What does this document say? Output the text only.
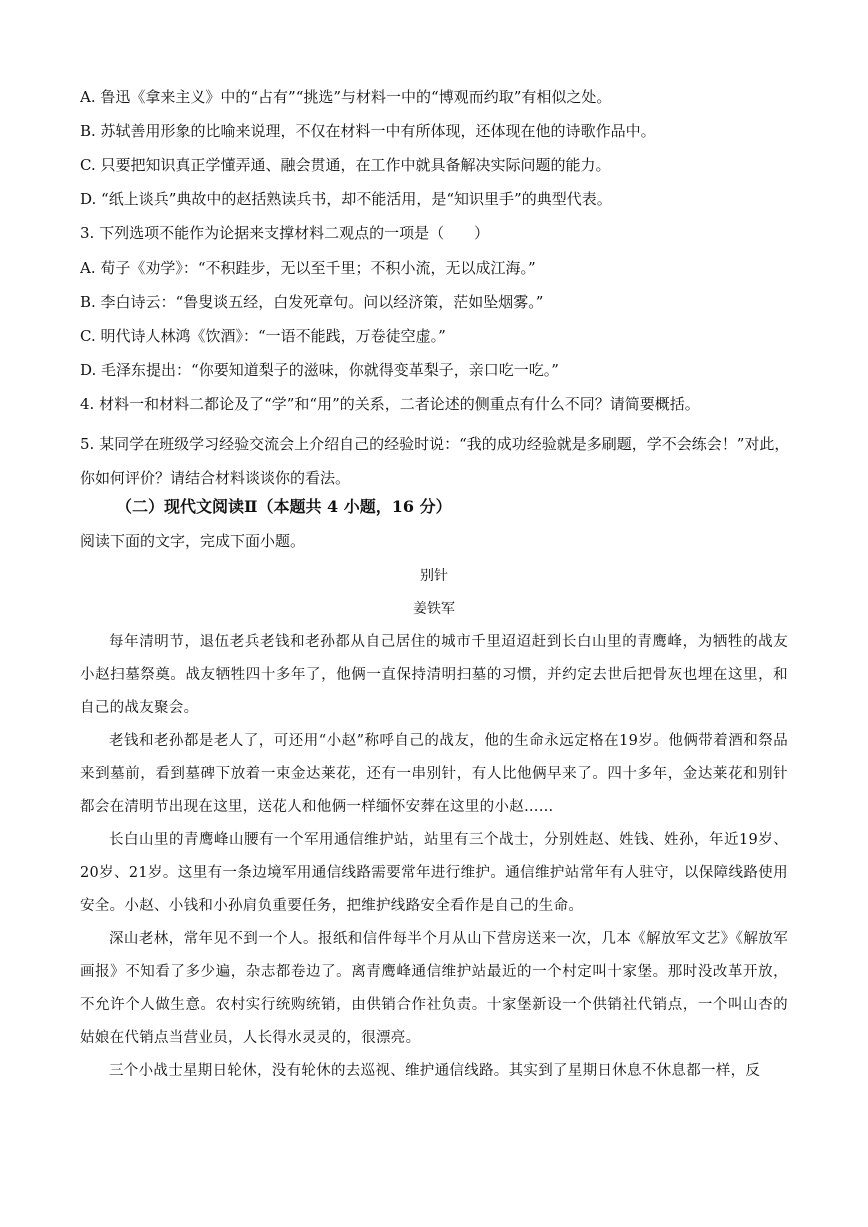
A. 鲁迅《拿来主义》中的“占有”“挑选”与材料一中的“博观而约取”有相似之处。
B. 苏轼善用形象的比喻来说理，不仅在材料一中有所体现，还体现在他的诗歌作品中。
C. 只要把知识真正学懂弄通、融会贯通，在工作中就具备解决实际问题的能力。
D. “纸上谈兵”典故中的赵括熟读兵书，却不能活用，是“知识里手”的典型代表。
3. 下列选项不能作为论据来支撑材料二观点的一项是（　　）
A. 荀子《劝学》：“不积跬步，无以至千里；不积小流，无以成江海。”
B. 李白诗云：“鲁叟谈五经，白发死章句。问以经济策，茫如坠烟雾。”
C. 明代诗人林鸿《饮酒》：“一语不能践，万卷徒空虚。”
D. 毛泽东提出：“你要知道梨子的滋味，你就得变革梨子，亲口吃一吃。”
4. 材料一和材料二都论及了“学”和“用”的关系，二者论述的侧重点有什么不同？请简要概括。
5. 某同学在班级学习经验交流会上介绍自己的经验时说：“我的成功经验就是多刷题，学不会练会！”对此，你如何评价？请结合材料谈谈你的看法。
（二）现代文阅读Ⅱ（本题共 4 小题，16 分）
阅读下面的文字，完成下面小题。
别针
姜铁军
每年清明节，退伍老兵老钱和老孙都从自己居住的城市千里迢迢赶到长白山里的青鹰峰，为牺牲的战友小赵扫墓祭奠。战友牺牲四十多年了，他俩一直保持清明扫墓的习惯，并约定去世后把骨灰也埋在这里，和自己的战友聚会。
老钱和老孙都是老人了，可还用“小赵”称呼自己的战友，他的生命永远定格在19岁。他俩带着酒和祭品来到墓前，看到墓碑下放着一束金达莱花，还有一串别针，有人比他俩早来了。四十多年，金达莱花和别针都会在清明节出现在这里，送花人和他俩一样缅怀安葬在这里的小赵……
长白山里的青鹰峰山腰有一个军用通信维护站，站里有三个战士，分别姓赵、姓钱、姓孙，年近19岁、20岁、21岁。这里有一条边境军用通信线路需要常年进行维护。通信维护站常年有人驻守，以保障线路使用安全。小赵、小钱和小孙肩负重要任务，把维护线路安全看作是自己的生命。
深山老林，常年见不到一个人。报纸和信件每半个月从山下营房送来一次，几本《解放军文艺》《解放军画报》不知看了多少遍，杂志都卷边了。离青鹰峰通信维护站最近的一个村定叫十家堡。那时没改革开放，不允许个人做生意。农村实行统购统销，由供销合作社负责。十家堡新设一个供销社代销点，一个叫山杏的姑娘在代销点当营业员，人长得水灵灵的，很漂亮。
三个小战士星期日轮休，没有轮休的去巡视、维护通信线路。其实到了星期日休息不休息都一样，反
